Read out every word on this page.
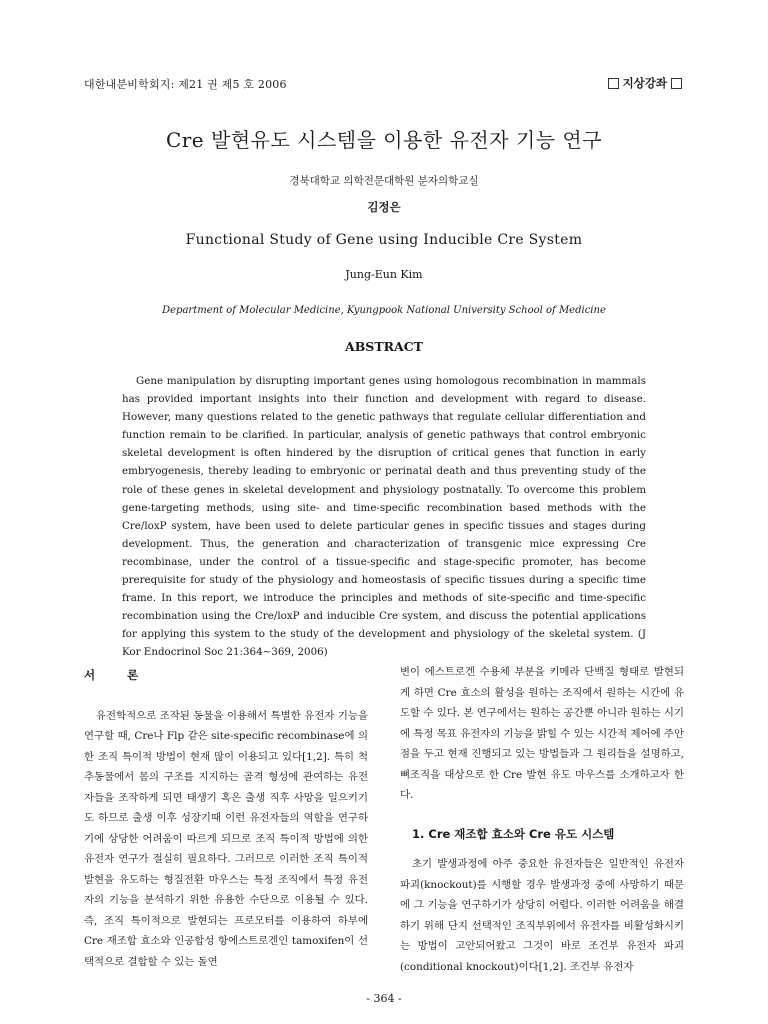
대한내분비학회지: 제21 권 제5 호 2006	지상강좌
Cre 발현유도 시스템을 이용한 유전자 기능 연구
경북대학교 의학전문대학원 분자의학교실
김정은
Functional Study of Gene using Inducible Cre System
Jung-Eun Kim
Department of Molecular Medicine, Kyungpook National University School of Medicine
ABSTRACT

Gene manipulation by disrupting important genes using homologous recombination in mammals has provided important insights into their function and development with regard to disease. However, many questions related to the genetic pathways that regulate cellular differentiation and function remain to be clarified. In particular, analysis of genetic pathways that control embryonic skeletal development is often hindered by the disruption of critical genes that function in early embryogenesis, thereby leading to embryonic or perinatal death and thus preventing study of the role of these genes in skeletal development and physiology postnatally. To overcome this problem gene-targeting methods, using site- and time-specific recombination based methods with the Cre/loxP system, have been used to delete particular genes in specific tissues and stages during development. Thus, the generation and characterization of transgenic mice expressing Cre recombinase, under the control of a tissue-specific and stage-specific promoter, has become prerequisite for study of the physiology and homeostasis of specific tissues during a specific time frame. In this report, we introduce the principles and methods of site-specific and time-specific recombination using the Cre/loxP and inducible Cre system, and discuss the potential applications for applying this system to the study of the development and physiology of the skeletal system. (J Kor Endocrinol Soc 21:364~369, 2006)

서 론

유전학적으로 조작된 동물을 이용해서 특별한 유전자 기능을 연구할 때, Cre나 Flp 같은 site-specific recombinase에 의한 조직 특이적 방법이 현재 많이 이용되고 있다[1,2]. 특히 척추동물에서 몸의 구조를 지지하는 골격 형성에 관여하는 유전자들을 조작하게 되면 태생기 혹은 출생 직후 사망을 일으키기도 하므로 출생 이후 성장기때 이런 유전자들의 역할을 연구하기에 상당한 어려움이 따르게 되므로 조직 특이적 방법에 의한 유전자 연구가 절실히 필요하다. 그러므로 이러한 조직 특이적 발현을 유도하는 형질전환 마우스는 특정 조직에서 특정 유전자의 기능을 분석하기 위한 유용한 수단으로 이용될 수 있다. 즉, 조직 특이적으로 발현되는 프로모터를 이용하여 하부에 Cre 재조합 효소와 인공합성 항에스트로겐인 tamoxifen이 선택적으로 결합할 수 있는 돌연

변이 에스트로겐 수용체 부분을 키메라 단백질 형태로 발현되게 하면 Cre 효소의 활성을 원하는 조직에서 원하는 시간에 유도할 수 있다. 본 연구에서는 원하는 공간뿐 아니라 원하는 시기에 특정 목표 유전자의 기능을 밝힐 수 있는 시간적 제어에 주안점을 두고 현재 진행되고 있는 방법들과 그 원리들을 설명하고, 뼈조직을 대상으로 한 Cre 발현 유도 마우스를 소개하고자 한다.

1. Cre 재조합 효소와 Cre 유도 시스템

초기 발생과정에 아주 중요한 유전자들은 일반적인 유전자 파괴(knockout)를 시행할 경우 발생과정 중에 사망하기 때문에 그 기능을 연구하기가 상당히 어렵다. 이러한 어려움을 해결하기 위해 단지 선택적인 조직부위에서 유전자를 비활성화시키는 방법이 고안되어왔고 그것이 바로 조건부 유전자 파괴(conditional knockout)이다[1,2]. 조건부 유전자

- 364 -
